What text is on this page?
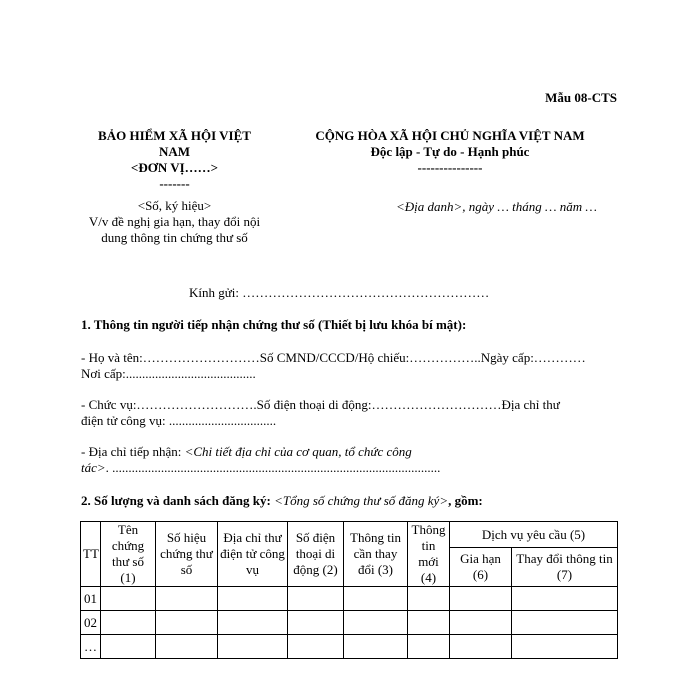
Mẫu 08-CTS
BẢO HIỂM XÃ HỘI VIỆT
NAM
<ĐƠN VỊ……>
-------
<Số, ký hiệu>
V/v đề nghị gia hạn, thay đổi nội
dung thông tin chứng thư số
CỘNG HÒA XÃ HỘI CHỦ NGHĨA VIỆT NAM
Độc lập - Tự do - Hạnh phúc
---------------
<Địa danh>, ngày … tháng … năm …
Kính gửi: …………………………………………………
1. Thông tin người tiếp nhận chứng thư số (Thiết bị lưu khóa bí mật):
- Họ và tên:………………………Số CMND/CCCD/Hộ chiếu:……………..Ngày cấp:…………
Nơi cấp:........................................
- Chức vụ:……………………….Số điện thoại di động:…………………………Địa chỉ thư
điện tử công vụ: .................................
- Địa chỉ tiếp nhận: <Chi tiết địa chỉ của cơ quan, tổ chức công
tác>. .....................................................................................................
2. Số lượng và danh sách đăng ký: <Tổng số chứng thư số đăng ký>, gồm:
TT	Tên chứng thư số (1)	Số hiệu chứng thư số	Địa chỉ thư điện tử công vụ	Số điện thoại di động (2)	Thông tin cần thay đổi (3)	Thông tin mới (4)	Dịch vụ yêu cầu (5)	
							Gia hạn (6)	Thay đổi thông tin (7)
01								
02								
…								
